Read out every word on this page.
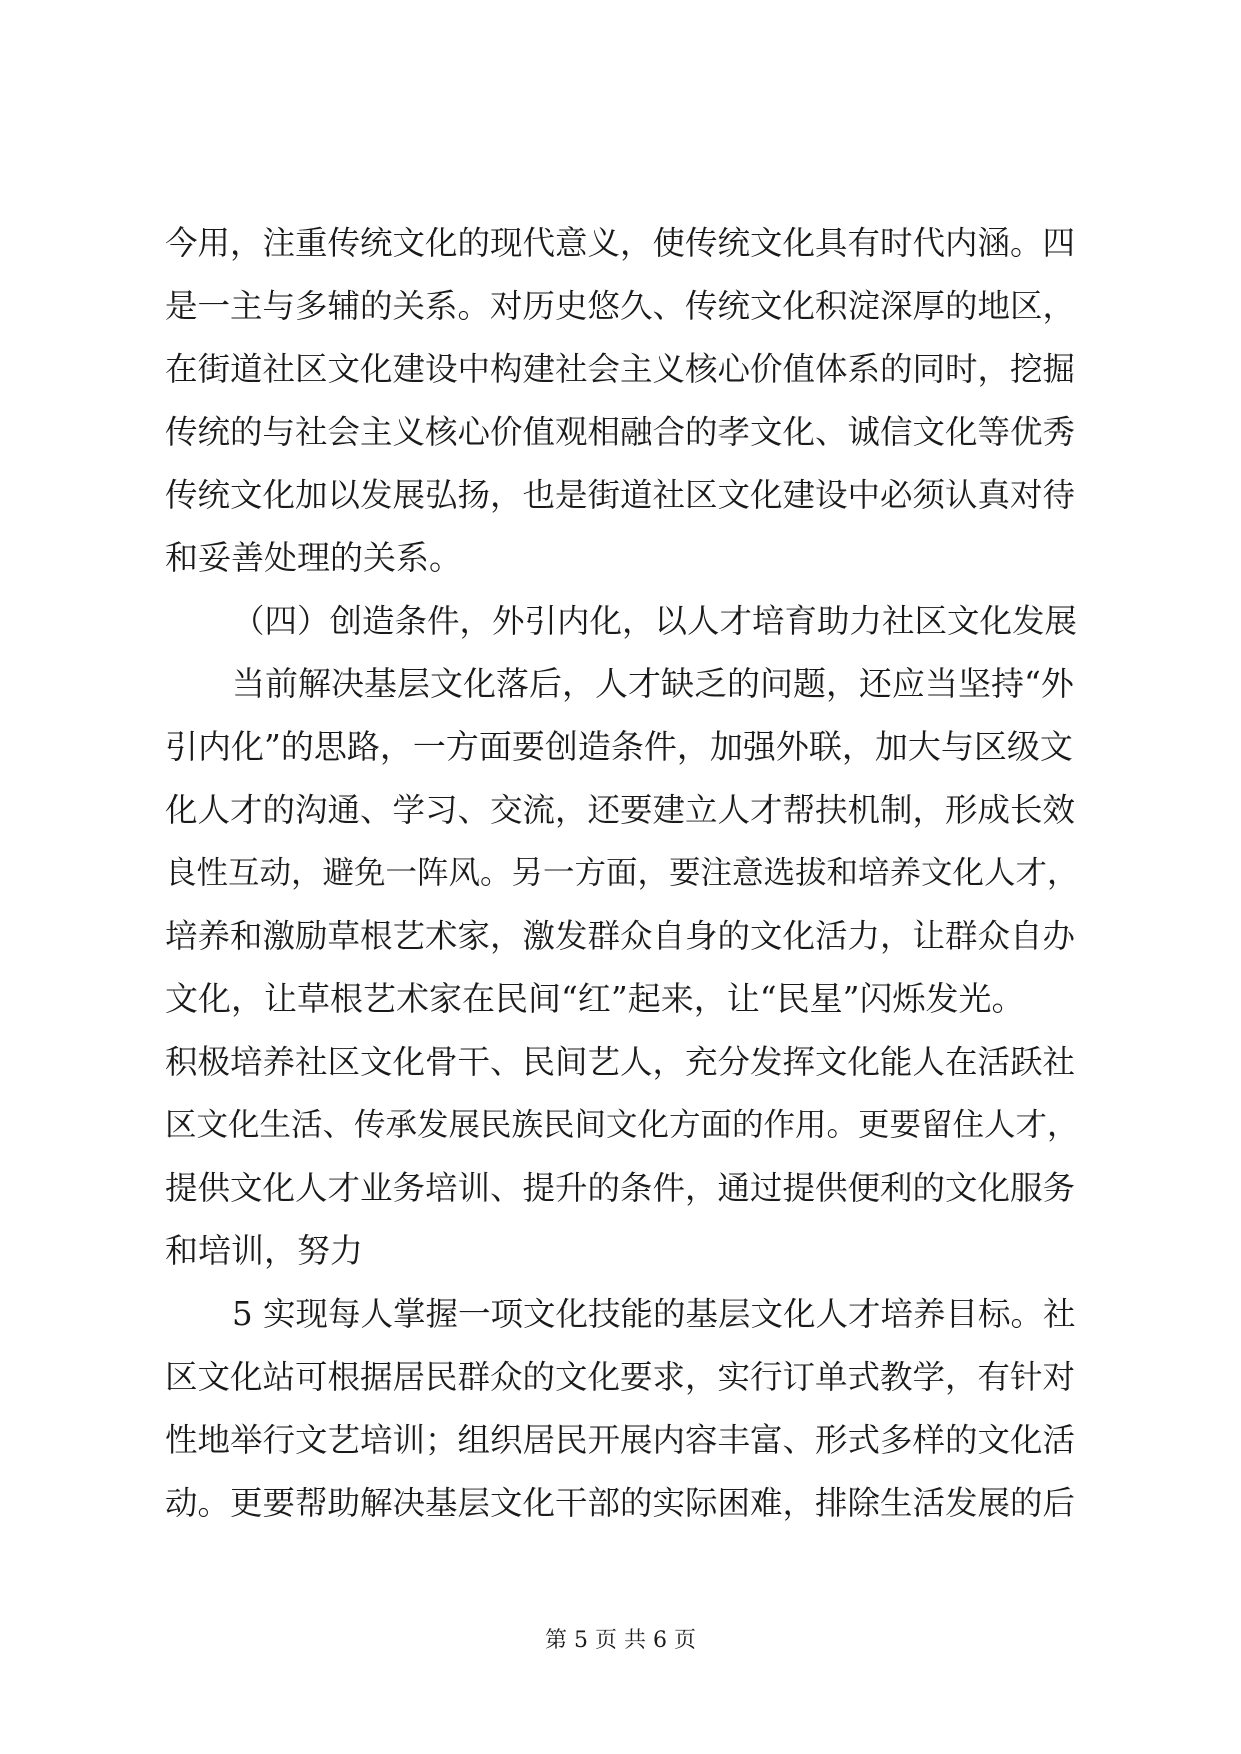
今用，注重传统文化的现代意义，使传统文化具有时代内涵。四
是一主与多辅的关系。对历史悠久、传统文化积淀深厚的地区，
在街道社区文化建设中构建社会主义核心价值体系的同时，挖掘
传统的与社会主义核心价值观相融合的孝文化、诚信文化等优秀
传统文化加以发展弘扬，也是街道社区文化建设中必须认真对待
和妥善处理的关系。
（四）创造条件，外引内化，以人才培育助力社区文化发展
当前解决基层文化落后，人才缺乏的问题，还应当坚持“外
引内化”的思路，一方面要创造条件，加强外联，加大与区级文
化人才的沟通、学习、交流，还要建立人才帮扶机制，形成长效
良性互动，避免一阵风。另一方面，要注意选拔和培养文化人才，
培养和激励草根艺术家，激发群众自身的文化活力，让群众自办
文化，让草根艺术家在民间“红”起来，让“民星”闪烁发光。
积极培养社区文化骨干、民间艺人，充分发挥文化能人在活跃社
区文化生活、传承发展民族民间文化方面的作用。更要留住人才，
提供文化人才业务培训、提升的条件，通过提供便利的文化服务
和培训，努力
5 实现每人掌握一项文化技能的基层文化人才培养目标。社
区文化站可根据居民群众的文化要求，实行订单式教学，有针对
性地举行文艺培训；组织居民开展内容丰富、形式多样的文化活
动。更要帮助解决基层文化干部的实际困难，排除生活发展的后
第 5 页 共 6 页
